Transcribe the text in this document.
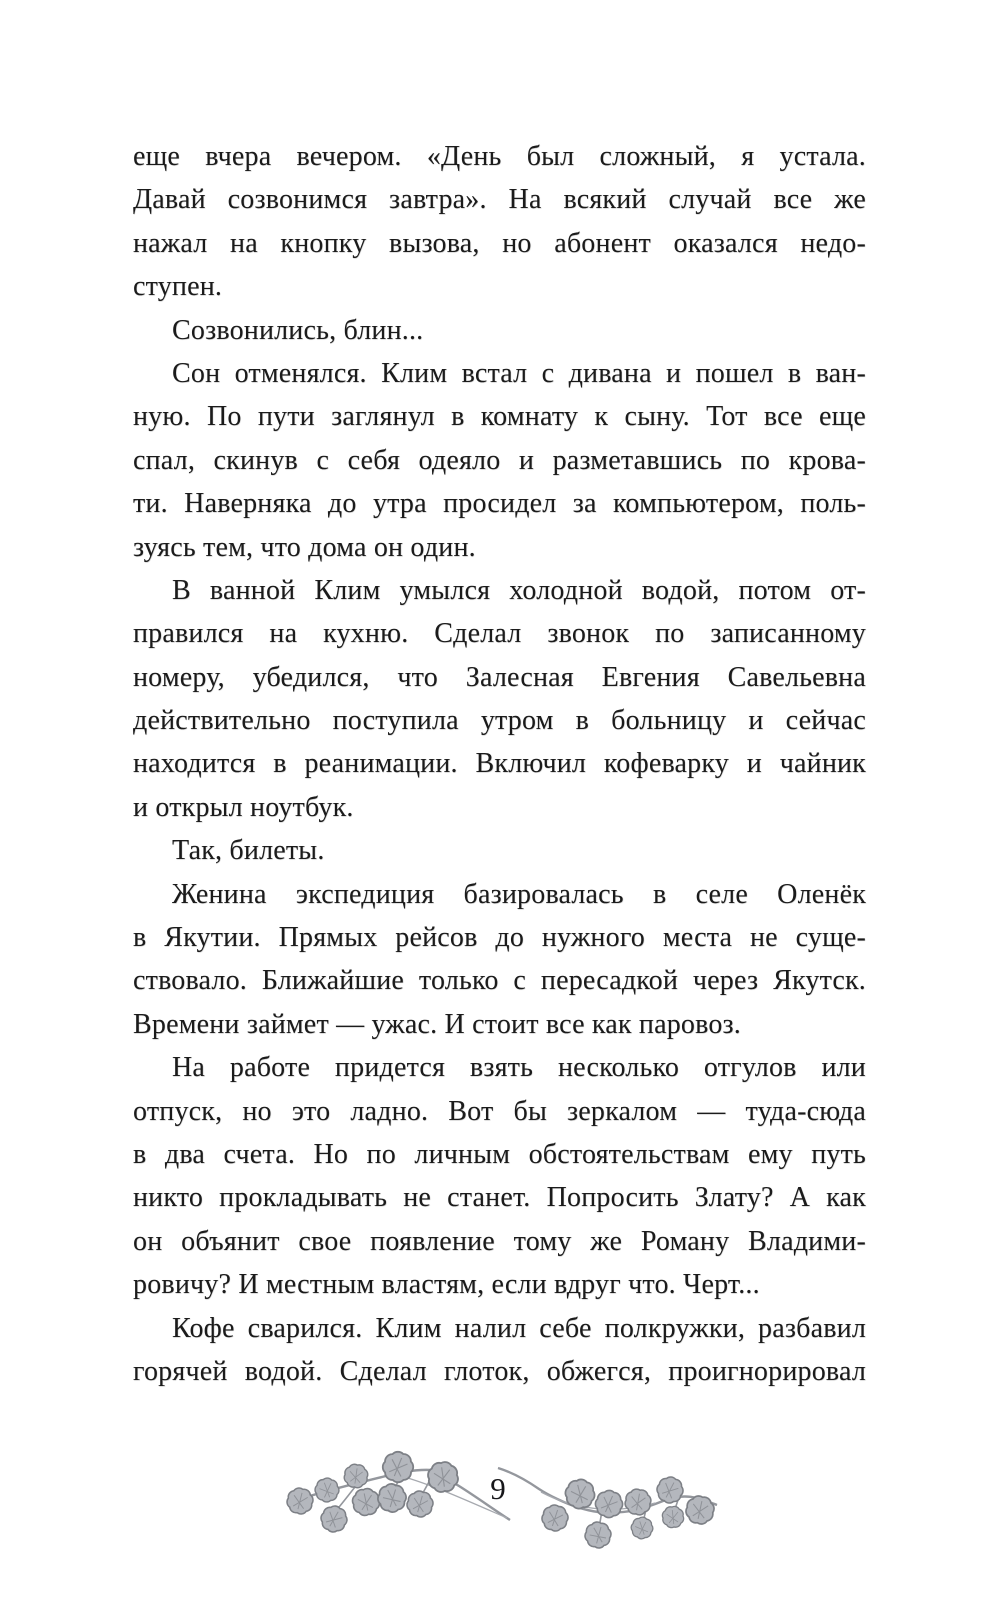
еще вчера вечером. «День был сложный, я устала.
Давай созвонимся завтра». На всякий случай все же
нажал на кнопку вызова, но абонент оказался недо-
ступен.
Созвонились, блин...
Сон отменялся. Клим встал с дивана и пошел в ван-
ную. По пути заглянул в комнату к сыну. Тот все еще
спал, скинув с себя одеяло и разметавшись по крова-
ти. Наверняка до утра просидел за компьютером, поль-
зуясь тем, что дома он один.
В ванной Клим умылся холодной водой, потом от-
правился на кухню. Сделал звонок по записанному
номеру, убедился, что Залесная Евгения Савельевна
действительно поступила утром в больницу и сейчас
находится в реанимации. Включил кофеварку и чайник
и открыл ноутбук.
Так, билеты.
Женина экспедиция базировалась в селе Оленёк
в Якутии. Прямых рейсов до нужного места не суще-
ствовало. Ближайшие только с пересадкой через Якутск.
Времени займет — ужас. И стоит все как паровоз.
На работе придется взять несколько отгулов или
отпуск, но это ладно. Вот бы зеркалом — туда-сюда
в два счета. Но по личным обстоятельствам ему путь
никто прокладывать не станет. Попросить Злату? А как
он объянит свое появление тому же Роману Владими-
ровичу? И местным властям, если вдруг что. Черт...
Кофе сварился. Клим налил себе полкружки, разбавил
горячей водой. Сделал глоток, обжегся, проигнорировал
9
